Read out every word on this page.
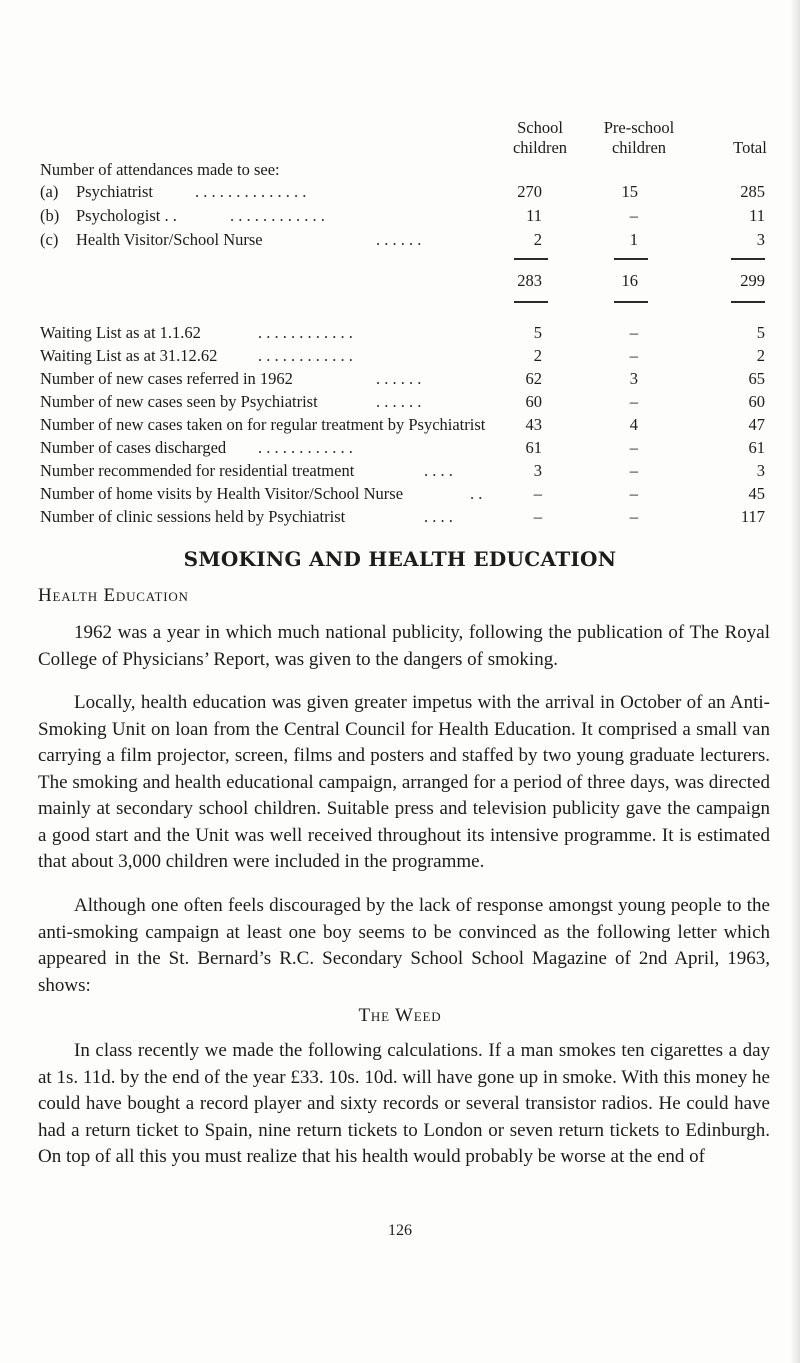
School
children
Pre-school
children	Total
Number of attendances made to see:
(a) Psychiatrist	. . . . . . . . . . . . . .	270	15	285
(b) Psychologist . .	. . . . . . . . . . . .	11	–	11
(c) Health Visitor/School Nurse	. . . . . .	2	1	3
283	16	299
Waiting List as at 1.1.62	. . . . . . . . . . . .	5	–	5
Waiting List as at 31.12.62 . . . . . . . . . . . .	2	–	2
Number of new cases referred in 1962	. . . . . .	62	3	65
Number of new cases seen by Psychiatrist	. . . . . .	60	–	60
Number of new cases taken on for regular treatment by Psychiatrist	43	4	47
Number of cases discharged . . . . . . . . . . . .	61	–	61
Number recommended for residential treatment	. . . .	3	–	3
Number of home visits by Health Visitor/School Nurse	. .	–	–	45
Number of clinic sessions held by Psychiatrist	. . . .	–	–	117
SMOKING AND HEALTH EDUCATION
Health Education

1962 was a year in which much national publicity, following the publication of The Royal College of Physicians’ Report, was given to the dangers of smoking.

Locally, health education was given greater impetus with the arrival in October of an Anti-Smoking Unit on loan from the Central Council for Health Education. It comprised a small van carrying a film projector, screen, films and posters and staffed by two young graduate lecturers. The smoking and health educational campaign, arranged for a period of three days, was directed mainly at secondary school children. Suitable press and television publicity gave the campaign a good start and the Unit was well received throughout its intensive programme. It is estimated that about 3,000 children were included in the programme.

Although one often feels discouraged by the lack of response amongst young people to the anti-smoking campaign at least one boy seems to be convinced as the following letter which appeared in the St. Bernard’s R.C. Secondary School School Magazine of 2nd April, 1963, shows:

The Weed

In class recently we made the following calculations. If a man smokes ten cigarettes a day at 1s. 11d. by the end of the year £33. 10s. 10d. will have gone up in smoke. With this money he could have bought a record player and sixty records or several transistor radios. He could have had a return ticket to Spain, nine return tickets to London or seven return tickets to Edinburgh. On top of all this you must realize that his health would probably be worse at the end of

126
